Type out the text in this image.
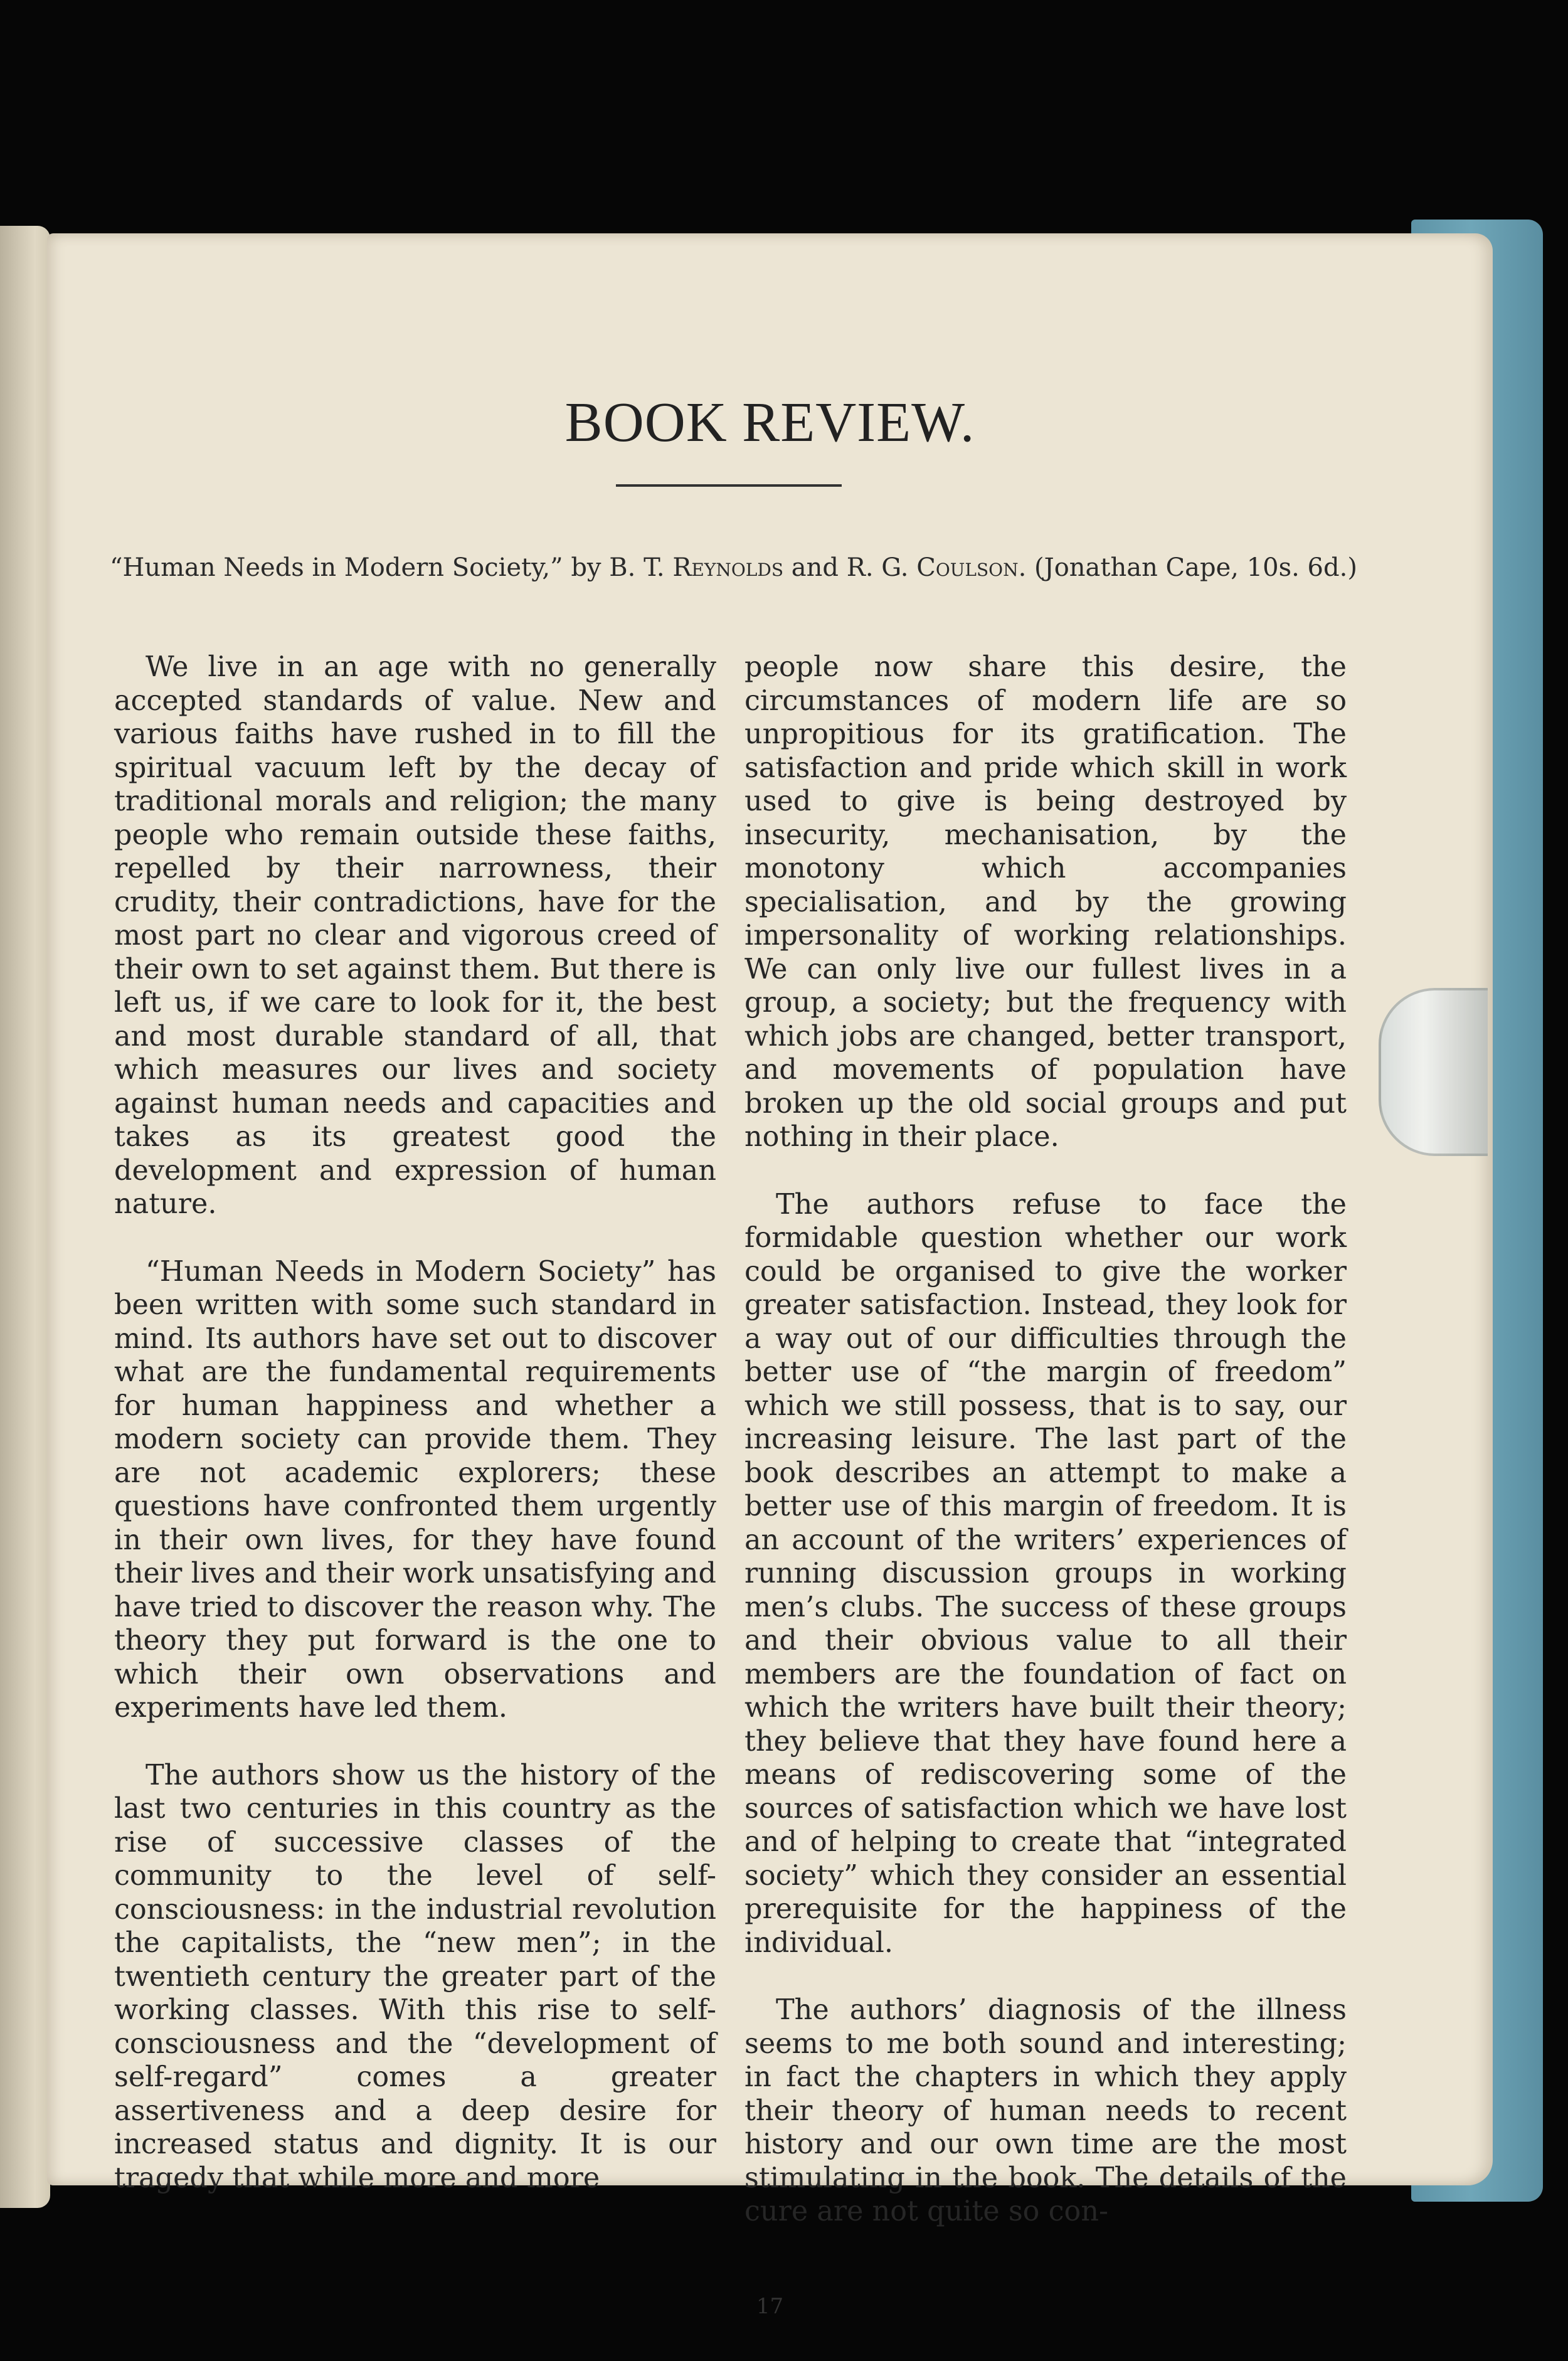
BOOK REVIEW.
“Human Needs in Modern Society,” by B. T. Reynolds and R. G. Coulson. (Jonathan Cape, 10s. 6d.)

We live in an age with no generally accepted standards of value. New and various faiths have rushed in to fill the spiritual vacuum left by the decay of traditional morals and religion; the many people who remain outside these faiths, repelled by their narrowness, their crudity, their contradictions, have for the most part no clear and vigorous creed of their own to set against them. But there is left us, if we care to look for it, the best and most durable standard of all, that which measures our lives and society against human needs and capacities and takes as its greatest good the development and expression of human nature.

“Human Needs in Modern Society” has been written with some such standard in mind. Its authors have set out to discover what are the fundamental requirements for human happiness and whether a modern society can provide them. They are not academic explorers; these questions have confronted them urgently in their own lives, for they have found their lives and their work unsatisfying and have tried to discover the reason why. The theory they put forward is the one to which their own observations and experiments have led them.

The authors show us the history of the last two centuries in this country as the rise of successive classes of the community to the level of self-consciousness: in the industrial revolution the capitalists, the “new men”; in the twentieth century the greater part of the working classes. With this rise to self-consciousness and the “development of self-regard” comes a greater assertiveness and a deep desire for increased status and dignity. It is our tragedy that while more and more

people now share this desire, the circumstances of modern life are so unpropitious for its gratification. The satisfaction and pride which skill in work used to give is being destroyed by insecurity, mechanisation, by the monotony which accompanies specialisation, and by the growing impersonality of working relationships. We can only live our fullest lives in a group, a society; but the frequency with which jobs are changed, better transport, and movements of population have broken up the old social groups and put nothing in their place.

The authors refuse to face the formidable question whether our work could be organised to give the worker greater satisfaction. Instead, they look for a way out of our difficulties through the better use of “the margin of freedom” which we still possess, that is to say, our increasing leisure. The last part of the book describes an attempt to make a better use of this margin of freedom. It is an account of the writers’ experiences of running discussion groups in working men’s clubs. The success of these groups and their obvious value to all their members are the foundation of fact on which the writers have built their theory; they believe that they have found here a means of rediscovering some of the sources of satisfaction which we have lost and of helping to create that “integrated society” which they consider an essential prerequisite for the happiness of the individual.

The authors’ diagnosis of the illness seems to me both sound and interesting; in fact the chapters in which they apply their theory of human needs to recent history and our own time are the most stimulating in the book. The details of the cure are not quite so con-

17
